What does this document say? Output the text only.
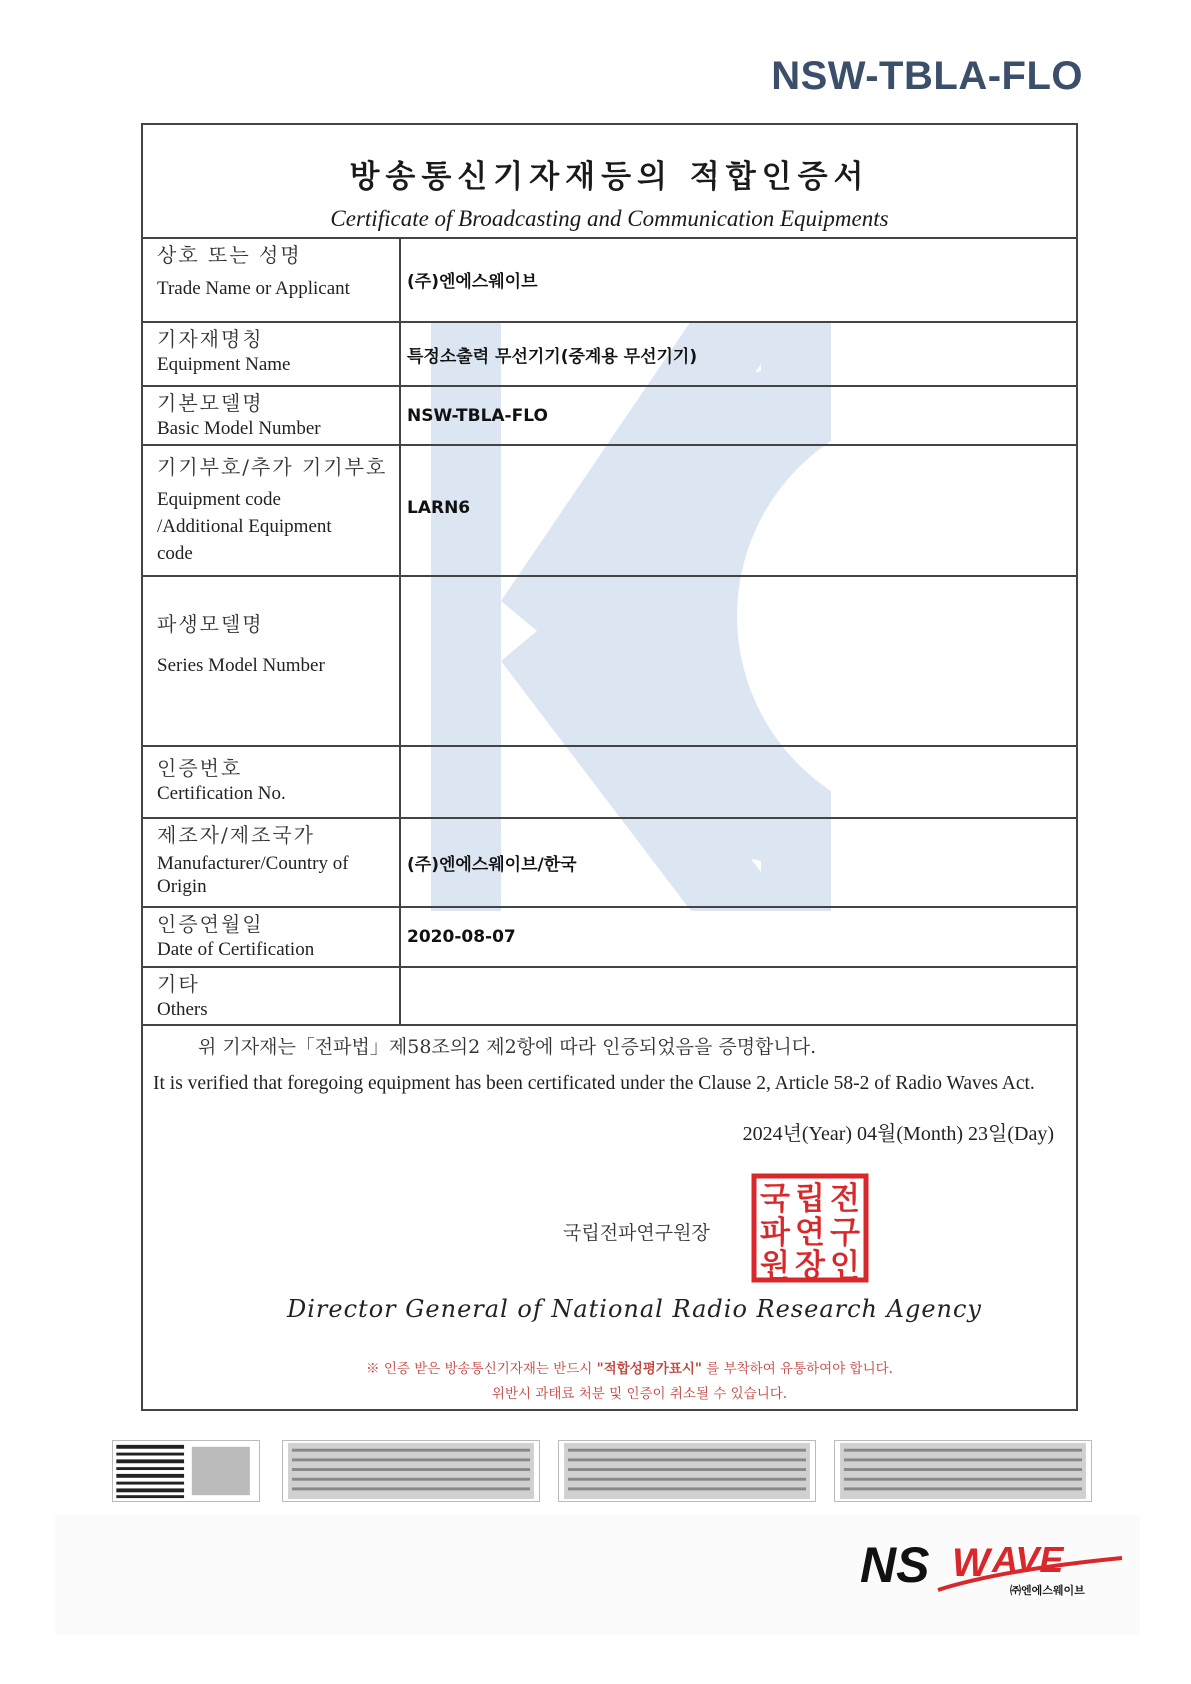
NSW-TBLA-FLO
방송통신기자재등의 적합인증서
Certificate of Broadcasting and Communication Equipments
상호 또는 성명
Trade Name or Applicant	(주)엔에스웨이브
기자재명칭
Equipment Name	특정소출력 무선기기(중계용 무선기기)
기본모델명
Basic Model Number
NSW-TBLA-FLO
기기부호/추가 기기부호
Equipment code /Additional Equipment code
LARN6
파생모델명
Series Model Number
인증번호
Certification No.
제조자/제조국가
Manufacturer/Country of Origin
(주)엔에스웨이브/한국
인증연월일
Date of Certification
2020-08-07
기타
Others
위 기자재는「전파법」제58조의2 제2항에 따라 인증되었음을 증명합니다.
It is verified that foregoing equipment has been certificated under the Clause 2, Article 58-2 of Radio Waves Act.
2024년(Year) 04월(Month) 23일(Day)
국립전파연구원장
국 립 전
파 연 구
원 장 인
Director General of National Radio Research Agency
※ 인증 받은 방송통신기자재는 반드시 "적합성평가표시" 를 부착하여 유통하여야 합니다.
위반시 과태료 처분 및 인증이 취소될 수 있습니다.
NS W AVE
㈜엔에스웨이브
